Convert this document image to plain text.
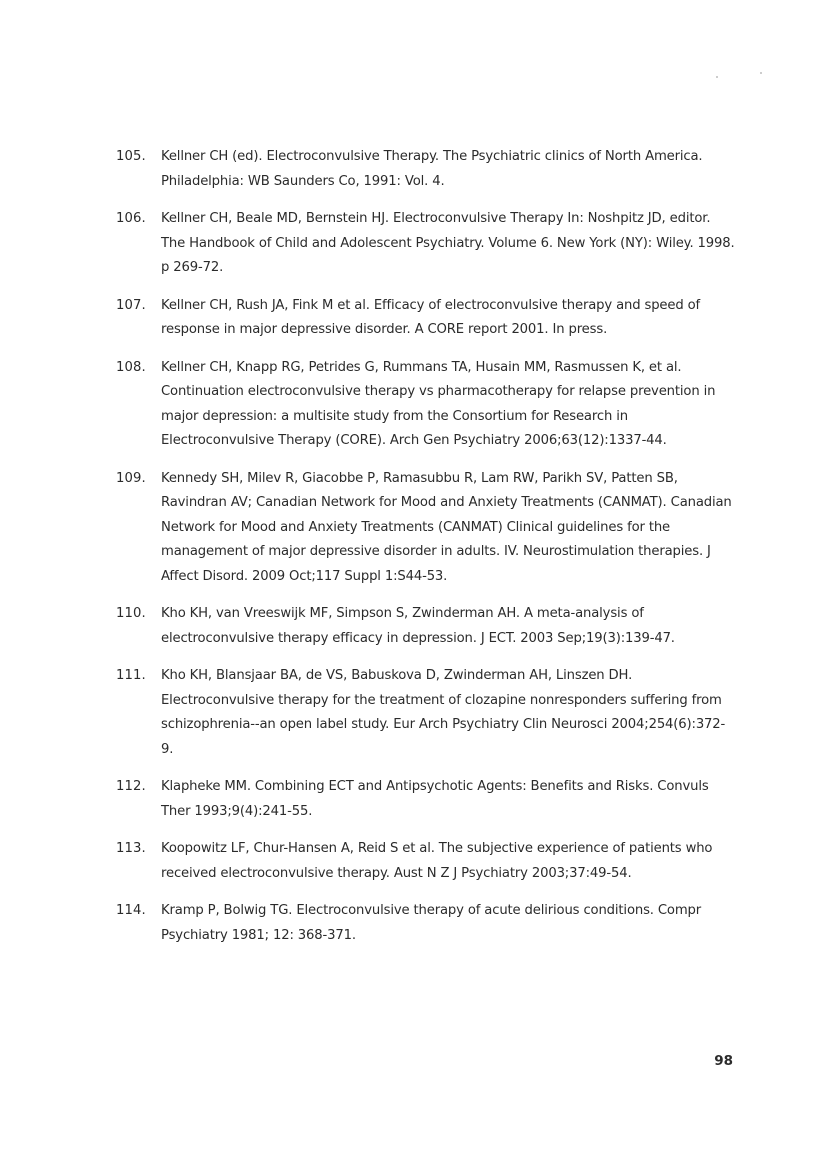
105.	Kellner CH (ed). Electroconvulsive Therapy. The Psychiatric clinics of North America. Philadelphia: WB Saunders Co, 1991: Vol. 4.
106.	Kellner CH, Beale MD, Bernstein HJ. Electroconvulsive Therapy In: Noshpitz JD, editor. The Handbook of Child and Adolescent Psychiatry. Volume 6. New York (NY): Wiley. 1998. p 269-72.
107.	Kellner CH, Rush JA, Fink M et al. Efficacy of electroconvulsive therapy and speed of response in major depressive disorder. A CORE report 2001. In press.
108.	Kellner CH, Knapp RG, Petrides G, Rummans TA, Husain MM, Rasmussen K, et al. Continuation electroconvulsive therapy vs pharmacotherapy for relapse prevention in major depression: a multisite study from the Consortium for Research in Electroconvulsive Therapy (CORE). Arch Gen Psychiatry 2006;63(12):1337-44.
109.	Kennedy SH, Milev R, Giacobbe P, Ramasubbu R, Lam RW, Parikh SV, Patten SB, Ravindran AV; Canadian Network for Mood and Anxiety Treatments (CANMAT). Canadian Network for Mood and Anxiety Treatments (CANMAT) Clinical guidelines for the management of major depressive disorder in adults. IV. Neurostimulation therapies. J Affect Disord. 2009 Oct;117 Suppl 1:S44-53.
110.	Kho KH, van Vreeswijk MF, Simpson S, Zwinderman AH. A meta-analysis of electroconvulsive therapy efficacy in depression. J ECT. 2003 Sep;19(3):139-47.
111.	Kho KH, Blansjaar BA, de VS, Babuskova D, Zwinderman AH, Linszen DH. Electroconvulsive therapy for the treatment of clozapine nonresponders suffering from schizophrenia--an open label study. Eur Arch Psychiatry Clin Neurosci 2004;254(6):372-9.
112.	Klapheke MM. Combining ECT and Antipsychotic Agents: Benefits and Risks. Convuls Ther 1993;9(4):241-55.
113.	Koopowitz LF, Chur-Hansen A, Reid S et al. The subjective experience of patients who received electroconvulsive therapy. Aust N Z J Psychiatry 2003;37:49-54.
114.	Kramp P, Bolwig TG. Electroconvulsive therapy of acute delirious conditions. Compr Psychiatry 1981; 12: 368-371.
98
